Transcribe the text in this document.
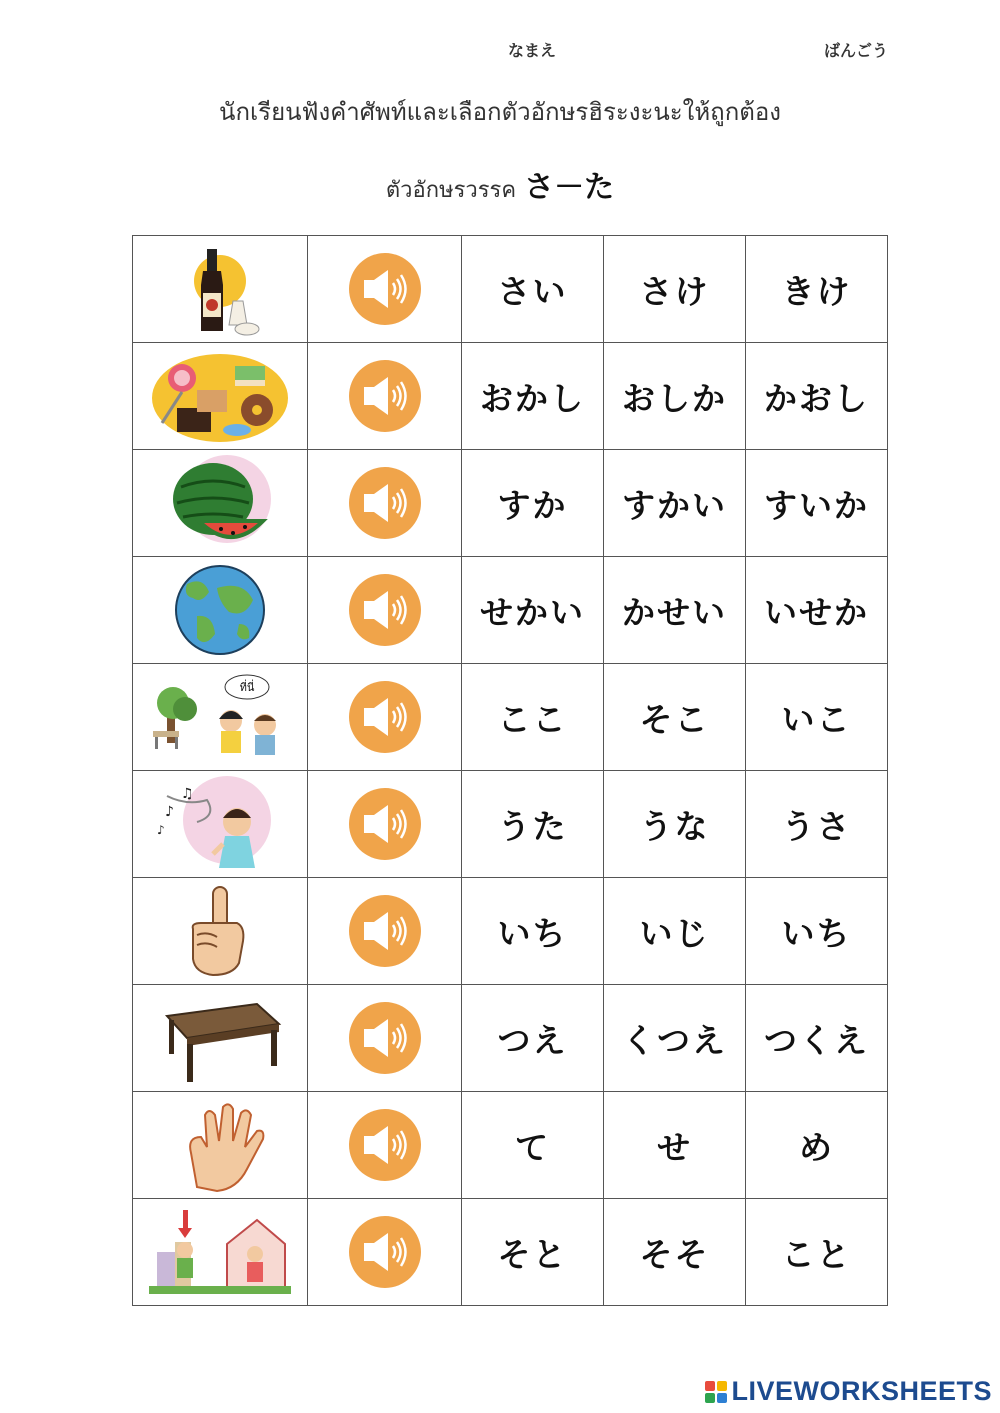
なまえ	ばんごう
นักเรียนฟังคำศัพท์และเลือกตัวอักษรฮิระงะนะให้ถูกต้อง
ตัวอักษรวรรค さ－た

	さい	さけ	きけ

	おかし	おしか	かおし

	すか	すかい	すいか

	せかい	かせい	いせか

ที่นี่		ここ	そこ	いこ

♪
♫
♪		うた	うな	うさ

	いち	いじ	いち

	つえ	くつえ	つくえ

	て	せ	め

	そと	そそ	こと
LIVEWORKSHEETS
